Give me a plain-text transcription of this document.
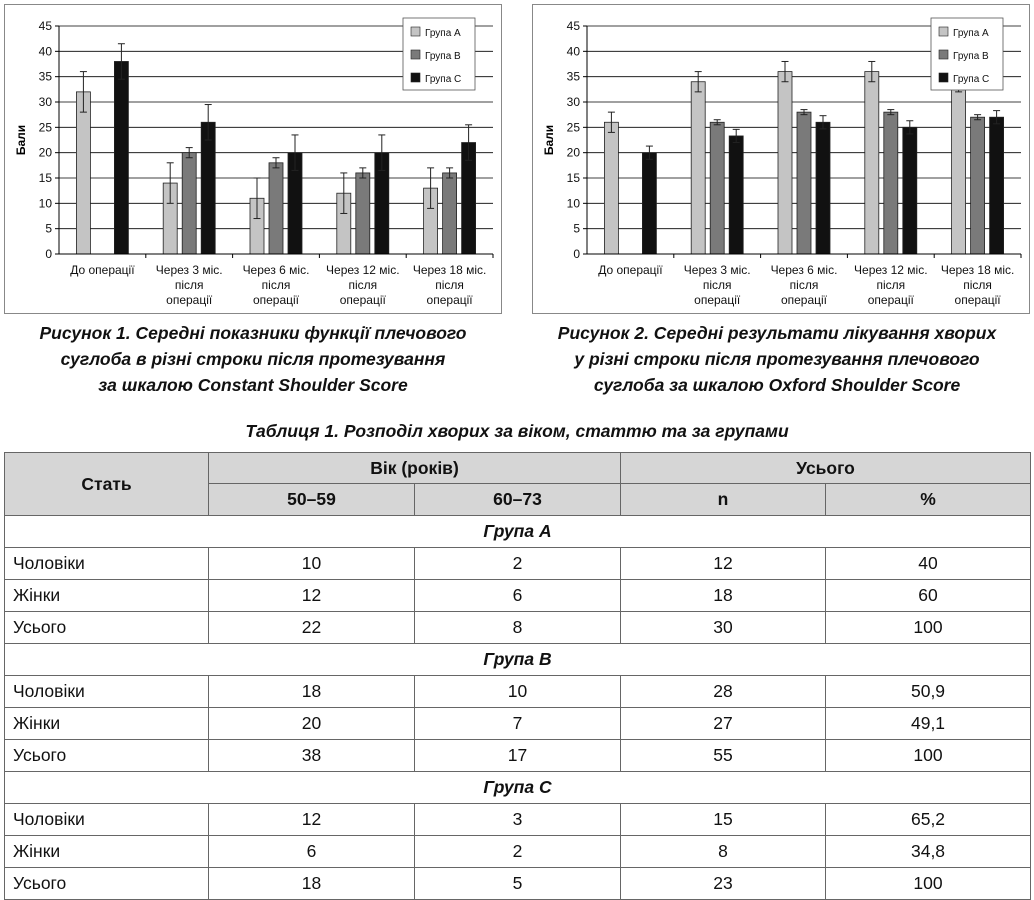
0
5
10
15
20
25
30
35
40
45
Бали
До операції Через 3 міс.
після
операції
Через 6 міс.
після
операції
Через 12 міс.
після
операції
Через 18 міс.
після
операції
Група А
Група В
Група С
0
5
10
15
20
25
30
35
40
45
Бали
До операції Через 3 міс.
після
операції
Через 6 міс.
після
операції
Через 12 міс.
після
операції
Через 18 міс.
після
операції
Група А
Група В
Група С

Рисунок 1. Середні показники функції плечового
суглоба в різні строки після протезування
за шкалою Constant Shoulder Score

Рисунок 2. Середні результати лікування хворих
у різні строки після протезування плечового
суглоба за шкалою Oxford Shoulder Score

Таблиця 1. Розподіл хворих за віком, статтю та за групами

Стать	Вік (років)		Усього	
	50–59	60–73	n	%
Група А				
Чоловіки	10	2	12	40
Жінки	12	6	18	60
Усього	22	8	30	100
Група В				
Чоловіки	18	10	28	50,9
Жінки	20	7	27	49,1
Усього	38	17	55	100
Група С				
Чоловіки	12	3	15	65,2
Жінки	6	2	8	34,8
Усього	18	5	23	100
